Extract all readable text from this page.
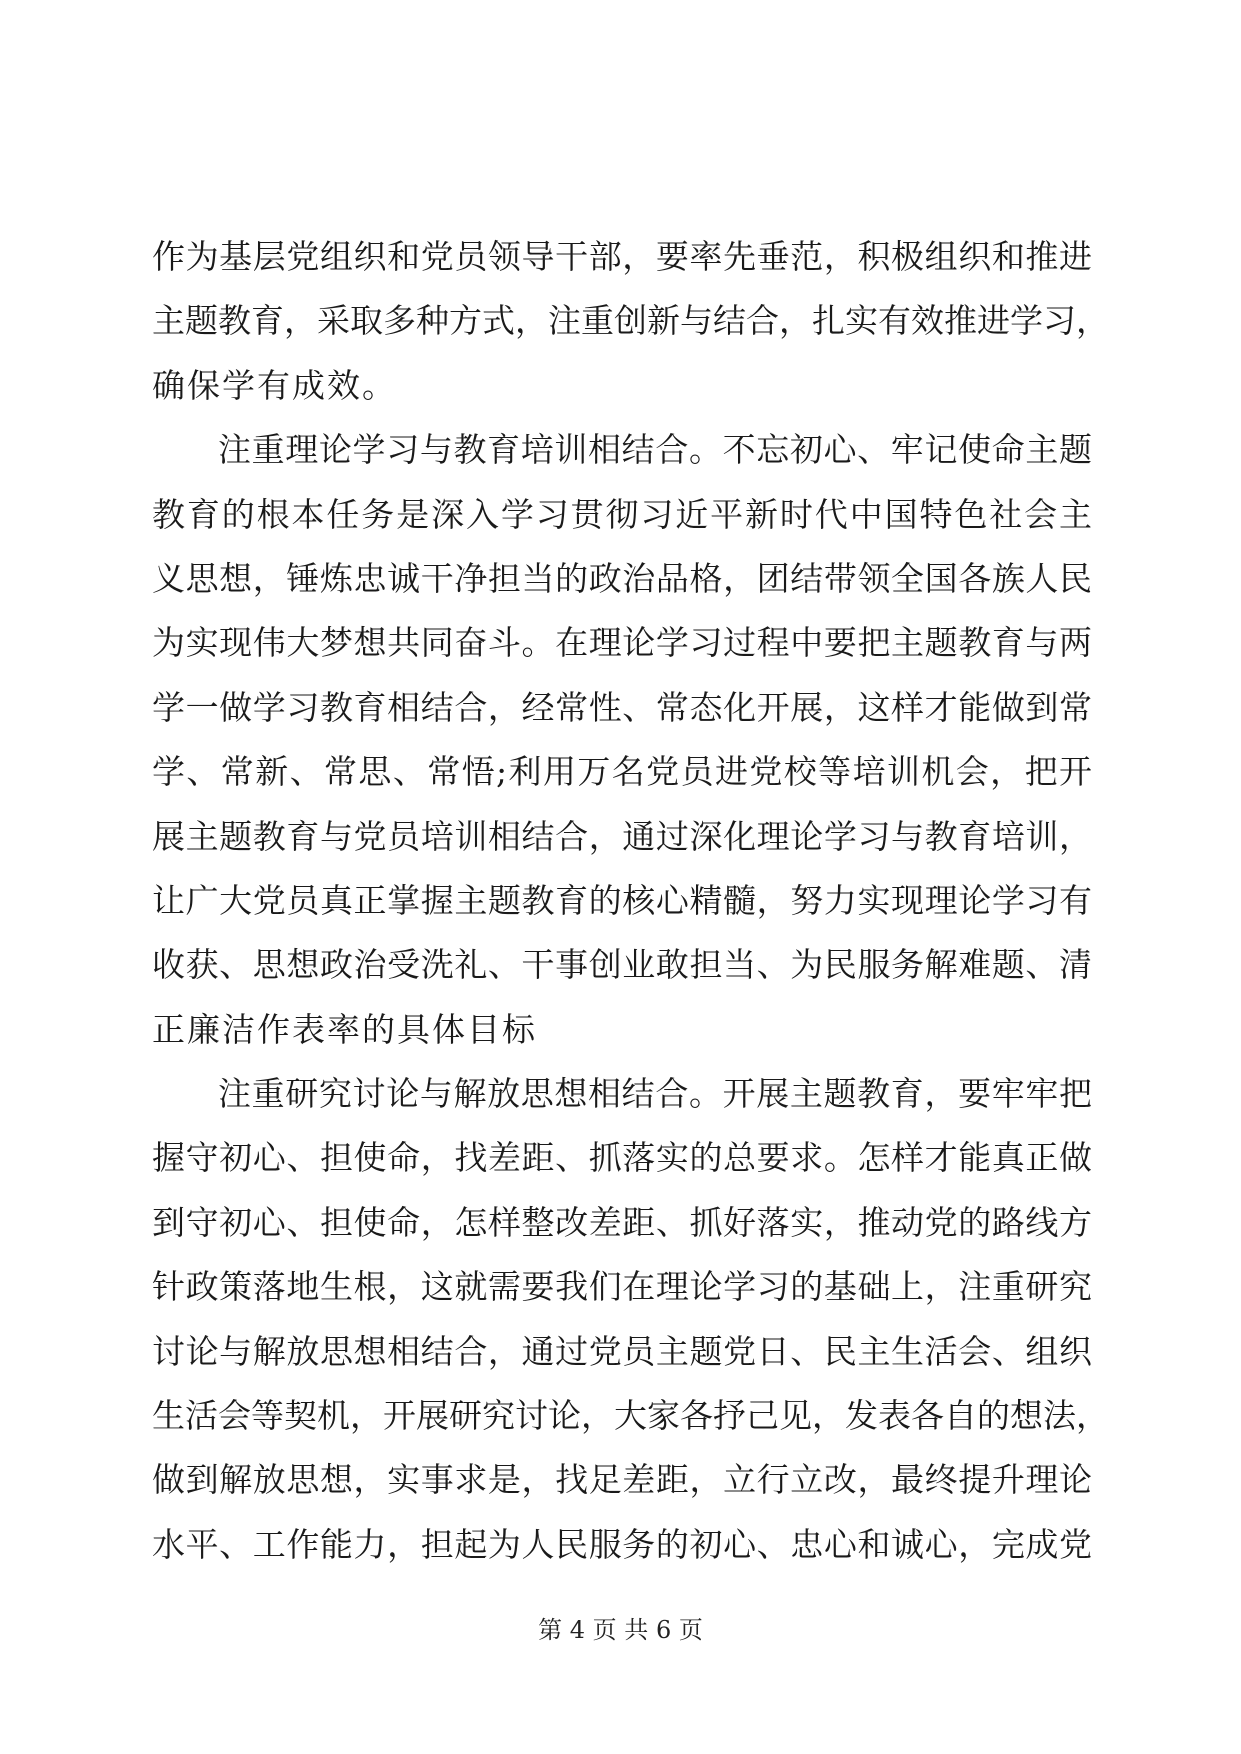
作为基层党组织和党员领导干部，要率先垂范，积极组织和推进
主题教育，采取多种方式，注重创新与结合，扎实有效推进学习，
确保学有成效。
注重理论学习与教育培训相结合。不忘初心、牢记使命主题
教育的根本任务是深入学习贯彻习近平新时代中国特色社会主
义思想，锤炼忠诚干净担当的政治品格，团结带领全国各族人民
为实现伟大梦想共同奋斗。在理论学习过程中要把主题教育与两
学一做学习教育相结合，经常性、常态化开展，这样才能做到常
学、常新、常思、常悟;利用万名党员进党校等培训机会，把开
展主题教育与党员培训相结合，通过深化理论学习与教育培训，
让广大党员真正掌握主题教育的核心精髓，努力实现理论学习有
收获、思想政治受洗礼、干事创业敢担当、为民服务解难题、清
正廉洁作表率的具体目标
注重研究讨论与解放思想相结合。开展主题教育，要牢牢把
握守初心、担使命，找差距、抓落实的总要求。怎样才能真正做
到守初心、担使命，怎样整改差距、抓好落实，推动党的路线方
针政策落地生根，这就需要我们在理论学习的基础上，注重研究
讨论与解放思想相结合，通过党员主题党日、民主生活会、组织
生活会等契机，开展研究讨论，大家各抒己见，发表各自的想法，
做到解放思想，实事求是，找足差距，立行立改，最终提升理论
水平、工作能力，担起为人民服务的初心、忠心和诚心，完成党
第 4 页 共 6 页
